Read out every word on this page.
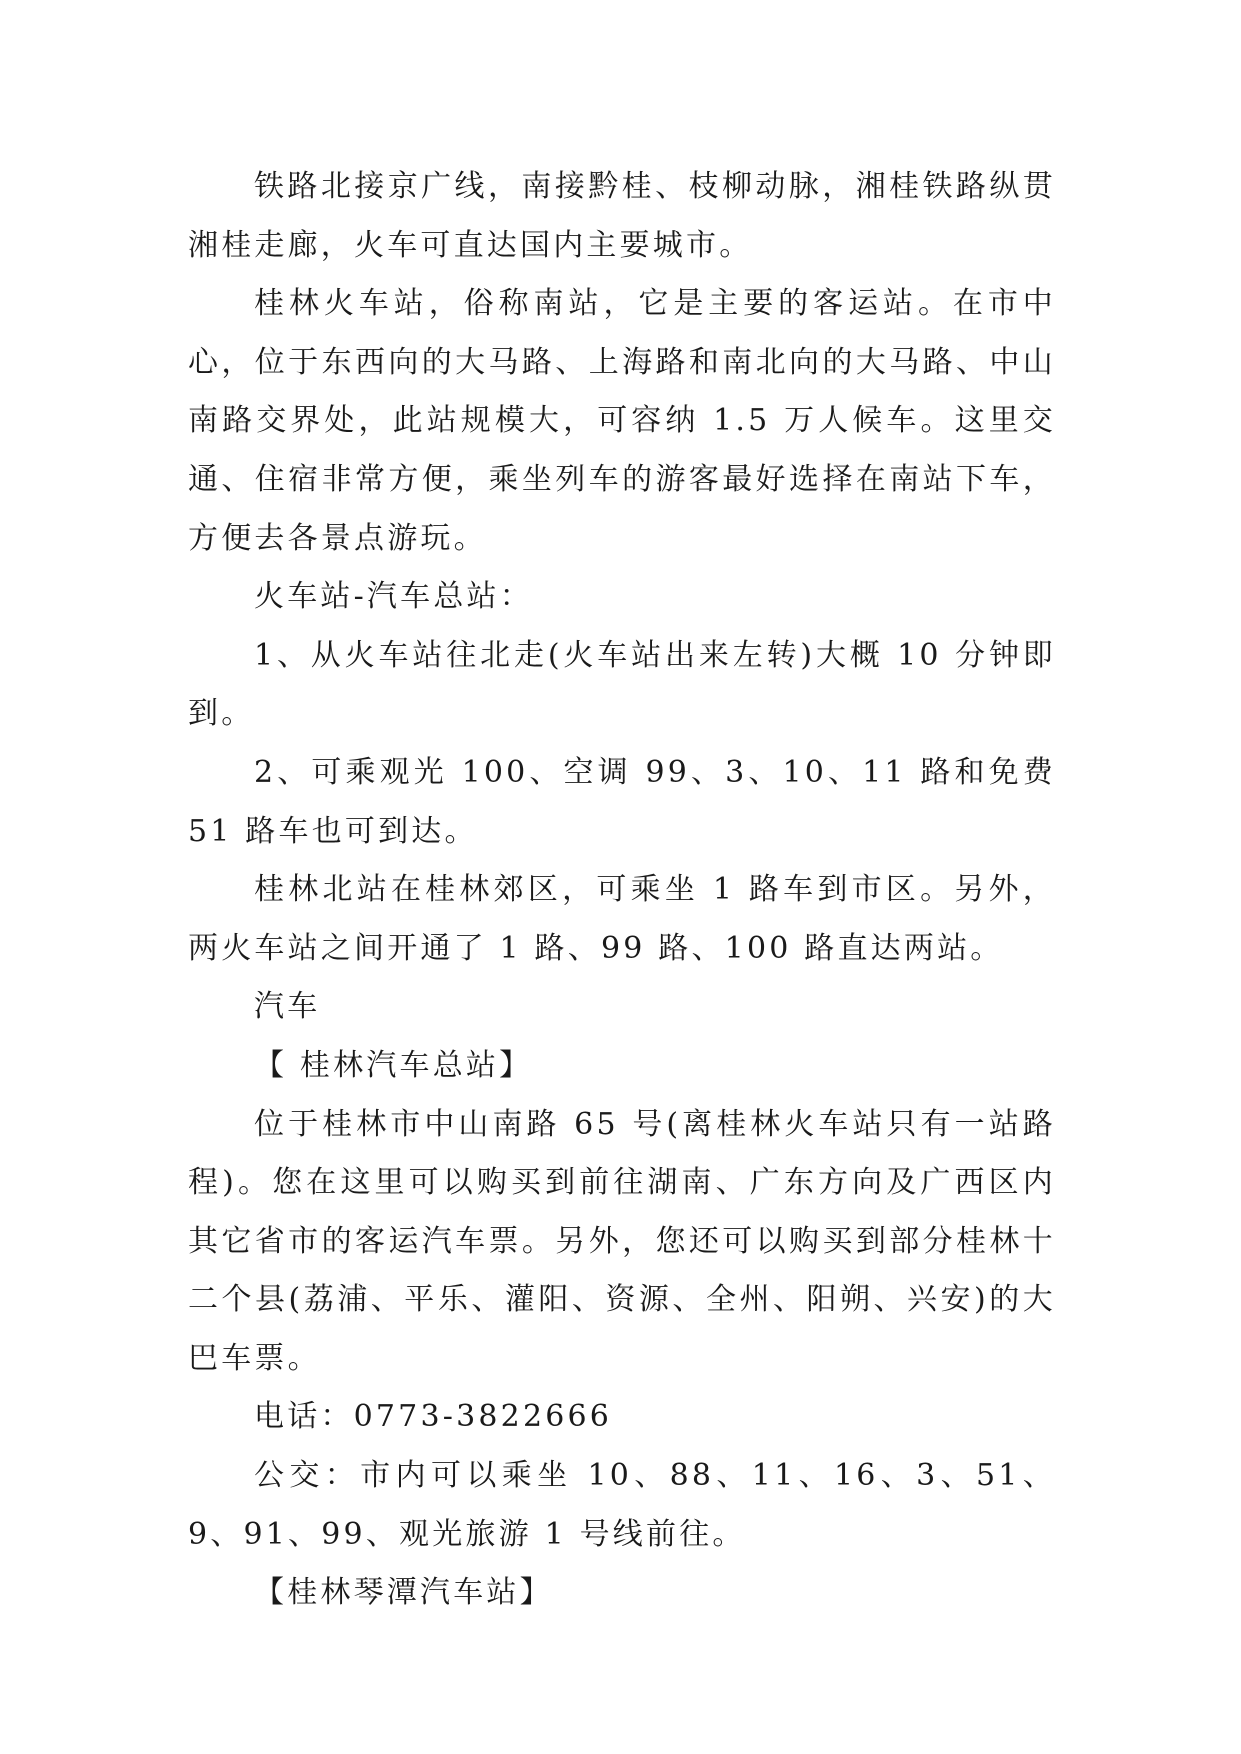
铁路北接京广线，南接黔桂、枝柳动脉，湘桂铁路纵贯湘桂走廊，火车可直达国内主要城市。

桂林火车站，俗称南站，它是主要的客运站。在市中心，位于东西向的大马路、上海路和南北向的大马路、中山南路交界处，此站规模大，可容纳 1.5 万人候车。这里交通、住宿非常方便，乘坐列车的游客最好选择在南站下车，方便去各景点游玩。

火车站-汽车总站：

1、从火车站往北走(火车站出来左转)大概 10 分钟即到。

2、可乘观光 100、空调 99、3、10、11 路和免费 51 路车也可到达。

桂林北站在桂林郊区，可乘坐 1 路车到市区。另外，两火车站之间开通了 1 路、99 路、100 路直达两站。

汽车

【 桂林汽车总站】

位于桂林市中山南路 65 号(离桂林火车站只有一站路程)。您在这里可以购买到前往湖南、广东方向及广西区内其它省市的客运汽车票。另外，您还可以购买到部分桂林十二个县(荔浦、平乐、灌阳、资源、全州、阳朔、兴安)的大巴车票。

电话：0773-3822666

公交：市内可以乘坐 10、88、11、16、3、51、9、91、99、观光旅游 1 号线前往。

【桂林琴潭汽车站】
